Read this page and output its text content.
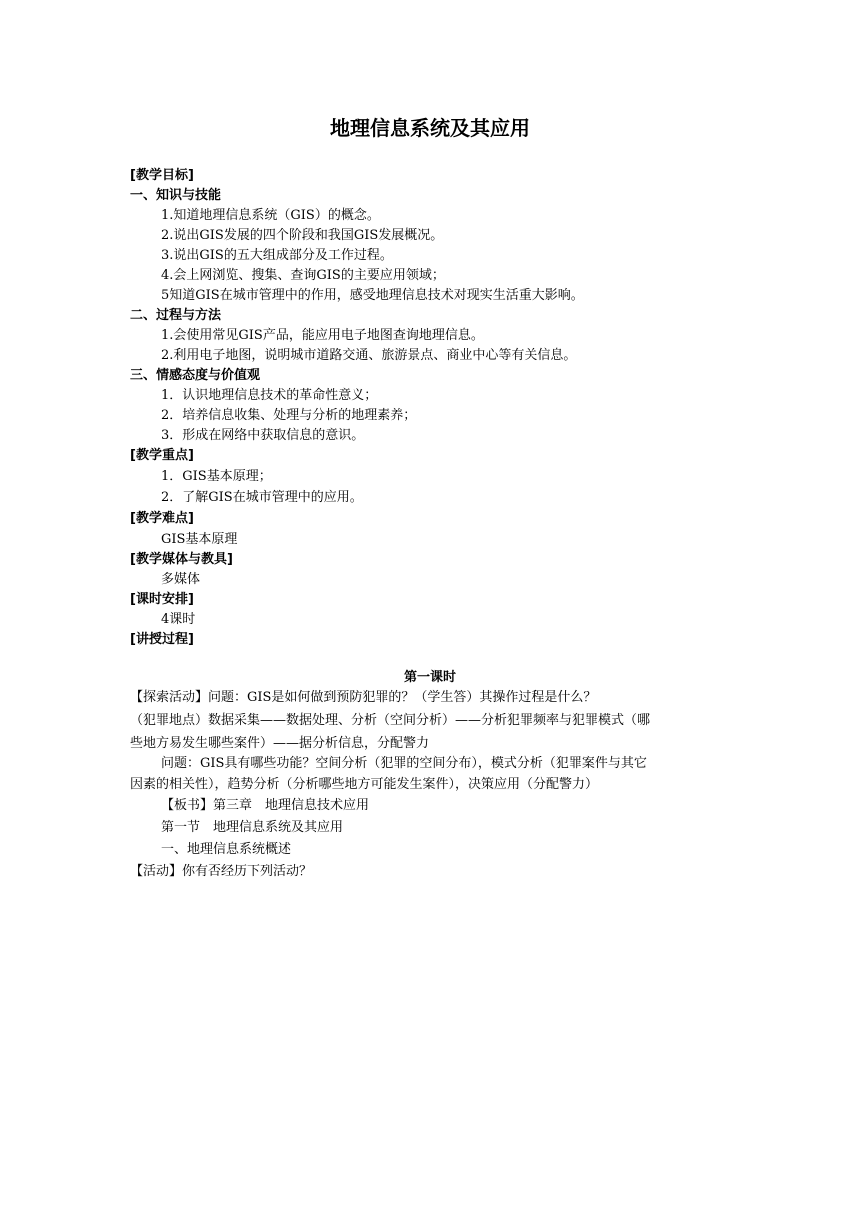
地理信息系统及其应用
[教学目标]
一、知识与技能
1.知道地理信息系统（GIS）的概念。
2.说出GIS发展的四个阶段和我国GIS发展概况。
3.说出GIS的五大组成部分及工作过程。
4.会上网浏览、搜集、查询GIS的主要应用领域；
5知道GIS在城市管理中的作用，感受地理信息技术对现实生活重大影响。
二、过程与方法
1.会使用常见GIS产品，能应用电子地图查询地理信息。
2.利用电子地图，说明城市道路交通、旅游景点、商业中心等有关信息。
三、情感态度与价值观
1．认识地理信息技术的革命性意义；
2．培养信息收集、处理与分析的地理素养；
3．形成在网络中获取信息的意识。
[教学重点]
1．GIS基本原理；
2．了解GIS在城市管理中的应用。
[教学难点]
GIS基本原理
[教学媒体与教具]
多媒体
[课时安排]
4课时
[讲授过程]
第一课时
【探索活动】问题：GIS是如何做到预防犯罪的？（学生答）其操作过程是什么？
（犯罪地点）数据采集——数据处理、分析（空间分析）——分析犯罪频率与犯罪模式（哪
些地方易发生哪些案件）——据分析信息，分配警力
问题：GIS具有哪些功能？空间分析（犯罪的空间分布），模式分析（犯罪案件与其它
因素的相关性），趋势分析（分析哪些地方可能发生案件），决策应用（分配警力）
【板书】第三章　地理信息技术应用
第一节　地理信息系统及其应用
一、地理信息系统概述
【活动】你有否经历下列活动？
